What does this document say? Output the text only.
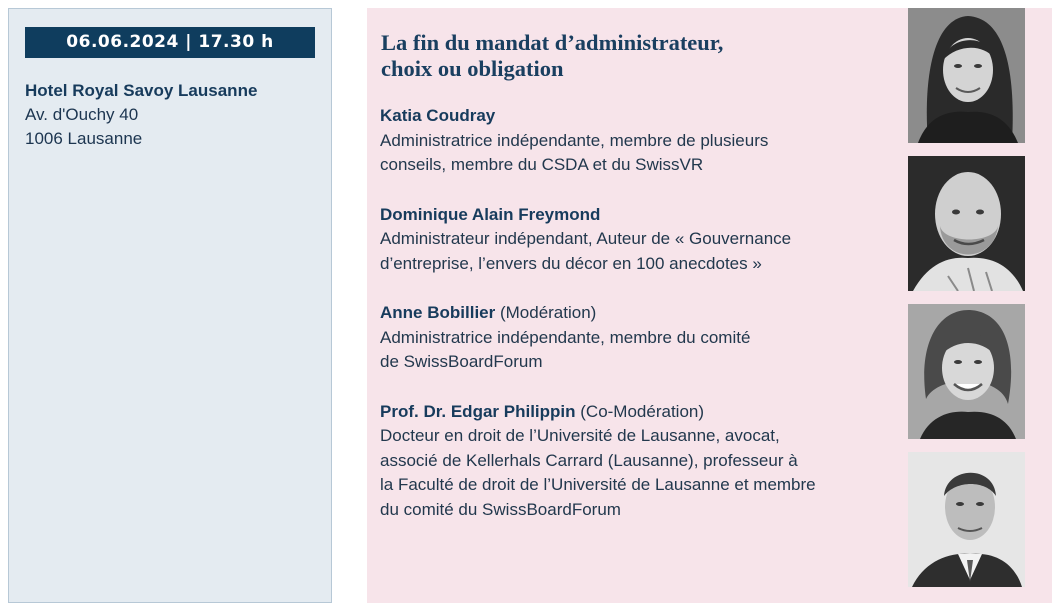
06.06.2024 | 17.30 h
Hotel Royal Savoy Lausanne
Av. d'Ouchy 40
1006 Lausanne
La fin du mandat d’administrateur,
choix ou obligation
Katia Coudray
Administratrice indépendante, membre de plusieurs
conseils, membre du CSDA et du SwissVR
Dominique Alain Freymond
Administrateur indépendant, Auteur de « Gouvernance
d’entreprise, l’envers du décor en 100 anecdotes »
Anne Bobillier (Modération)
Administratrice indépendante, membre du comité
de SwissBoardForum
Prof. Dr. Edgar Philippin (Co-Modération)
Docteur en droit de l’Université de Lausanne, avocat,
associé de Kellerhals Carrard (Lausanne), professeur à
la Faculté de droit de l’Université de Lausanne et membre
du comité du SwissBoardForum
